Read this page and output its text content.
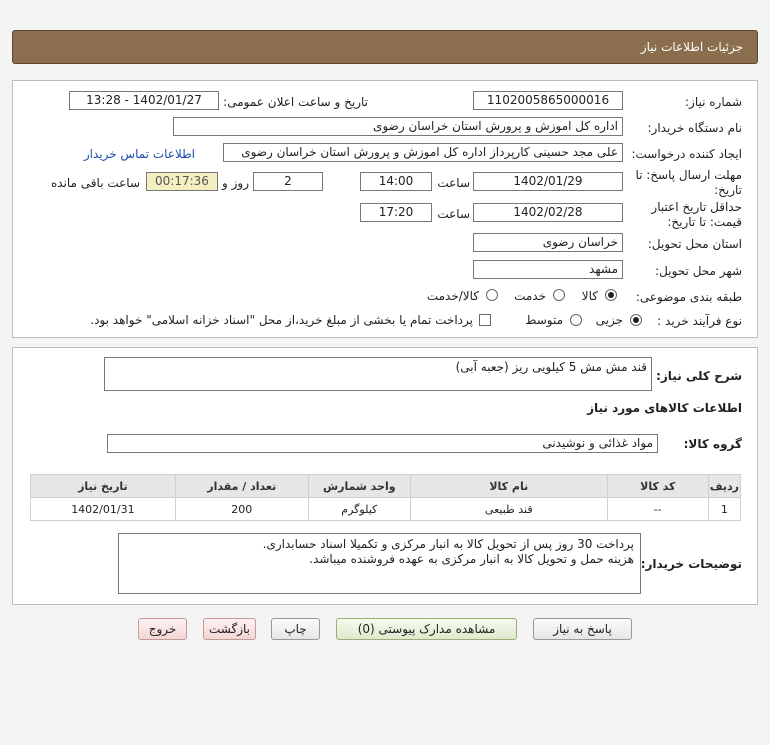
جزئیات اطلاعات نیاز
شماره نیاز:
1102005865000016
تاریخ و ساعت اعلان عمومی:
1402/01/27 - 13:28
نام دستگاه خریدار:
اداره کل اموزش و پرورش استان خراسان رضوی
ایجاد کننده درخواست:
علی مجد حسینی کارپرداز اداره کل اموزش و پرورش استان خراسان رضوی
اطلاعات تماس خریدار
مهلت ارسال پاسخ: تا
تاریخ:
1402/01/29
ساعت
14:00
2
روز و
00:17:36
ساعت باقی مانده
حداقل تاریخ اعتبار
قیمت: تا تاریخ:
1402/02/28
ساعت
17:20
استان محل تحویل:
خراسان رضوی
شهر محل تحویل:
مشهد
طبقه بندی موضوعی:
کالا
خدمت
کالا/خدمت
نوع فرآیند خرید :
جزیی
متوسط
پرداخت تمام یا بخشی از مبلغ خرید،از محل "اسناد خزانه اسلامی" خواهد بود.
شرح کلی نیاز:
قند مش مش 5 کیلویی ریز (جعبه آبی)
اطلاعات کالاهای مورد نیاز
گروه کالا:
مواد غذائی و نوشیدنی
ردیف	کد کالا	نام کالا	واحد شمارش	تعداد / مقدار	تاریخ نیاز
1	--	قند طبیعی	کیلوگرم	200	1402/01/31
توضیحات خریدار:
پرداخت 30 روز پس از تحویل کالا به انبار مرکزی و تکمیلا اسناد حسابداری.
هزینه حمل و تحویل کالا به انبار مرکزی به عهده فروشنده میباشد.
پاسخ به نیاز
مشاهده مدارک پیوستی (0)
چاپ
بازگشت
خروج
